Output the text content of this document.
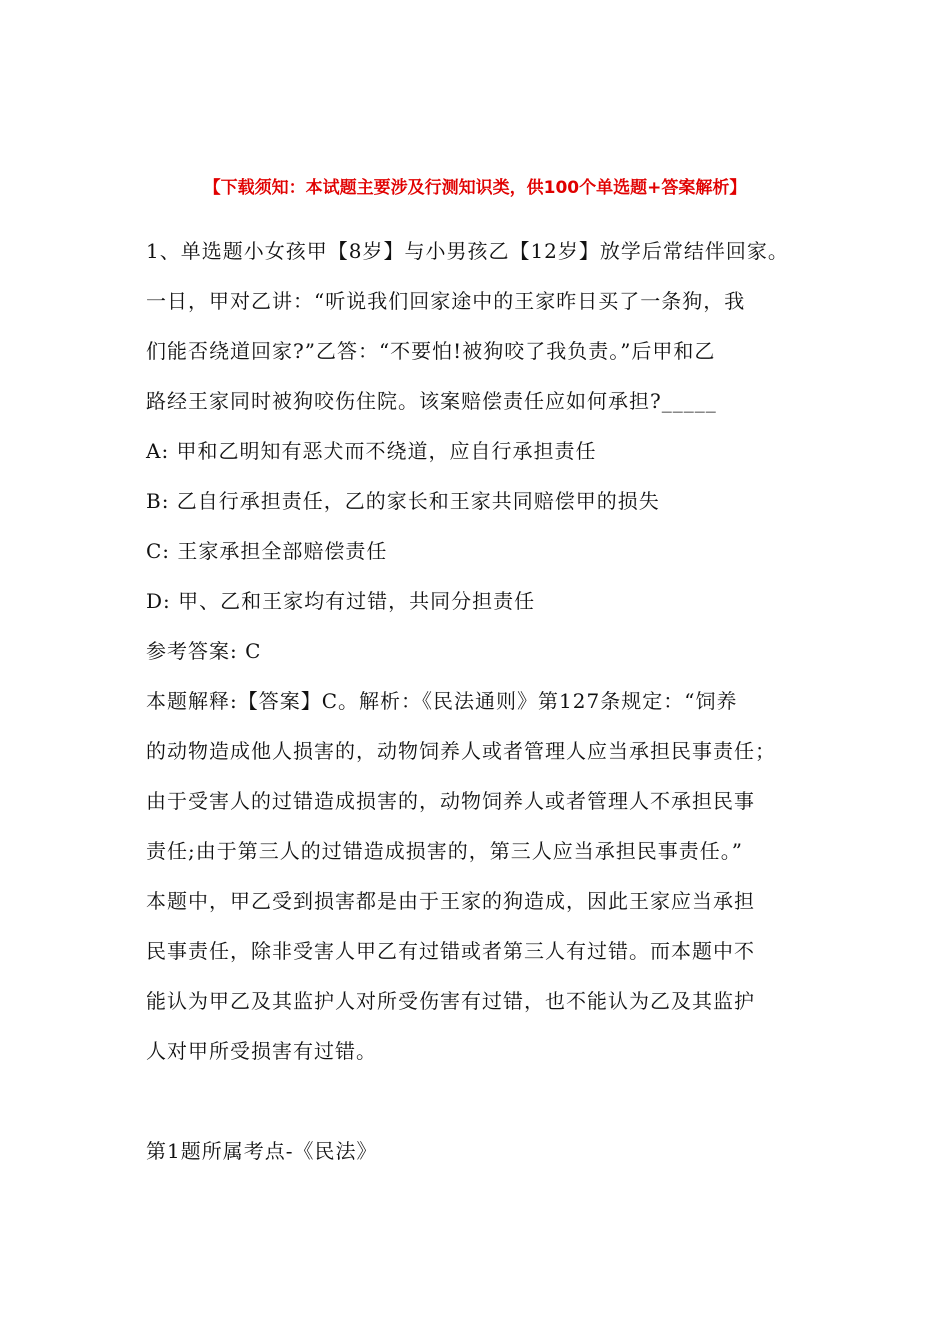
【下载须知：本试题主要涉及行测知识类，供100个单选题+答案解析】
1、单选题小女孩甲【8岁】与小男孩乙【12岁】放学后常结伴回家。
一日，甲对乙讲：“听说我们回家途中的王家昨日买了一条狗，我
们能否绕道回家?”乙答：“不要怕!被狗咬了我负责。”后甲和乙
路经王家同时被狗咬伤住院。该案赔偿责任应如何承担?_____
A: 甲和乙明知有恶犬而不绕道，应自行承担责任
B: 乙自行承担责任，乙的家长和王家共同赔偿甲的损失
C: 王家承担全部赔偿责任
D: 甲、乙和王家均有过错，共同分担责任
参考答案: C
本题解释:【答案】C。解析：《民法通则》第127条规定：“饲养
的动物造成他人损害的，动物饲养人或者管理人应当承担民事责任；
由于受害人的过错造成损害的，动物饲养人或者管理人不承担民事
责任;由于第三人的过错造成损害的，第三人应当承担民事责任。”
本题中，甲乙受到损害都是由于王家的狗造成，因此王家应当承担
民事责任，除非受害人甲乙有过错或者第三人有过错。而本题中不
能认为甲乙及其监护人对所受伤害有过错，也不能认为乙及其监护
人对甲所受损害有过错。
第1题所属考点-《民法》
